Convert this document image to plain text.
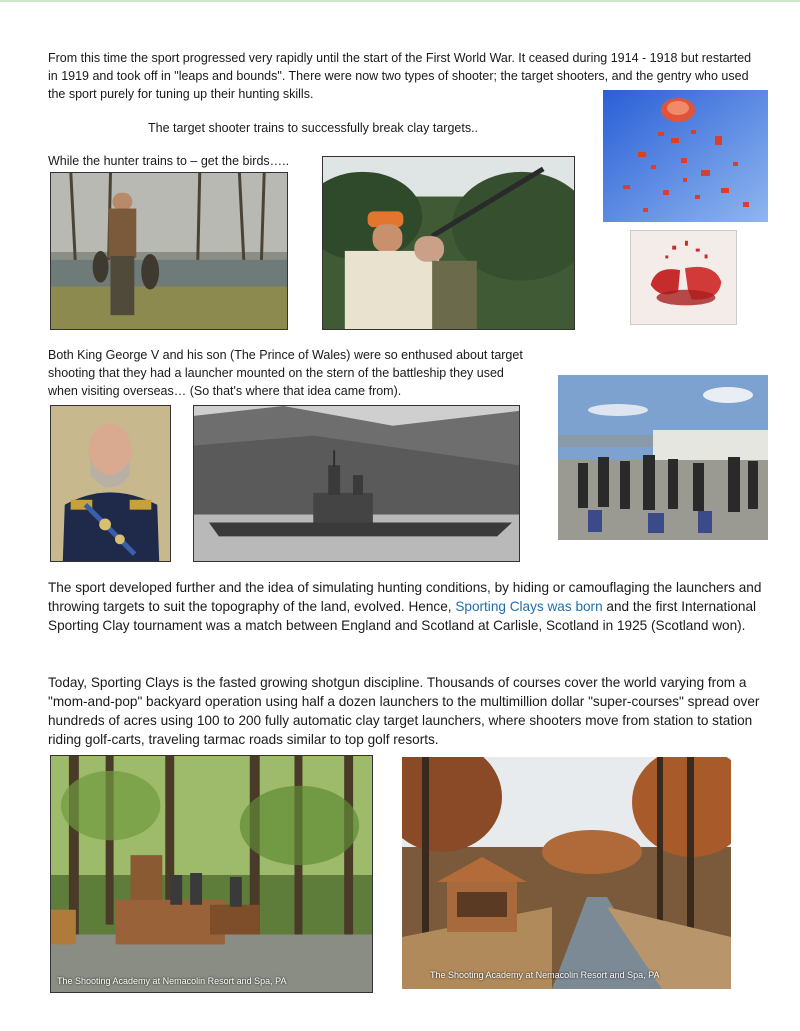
From this time the sport progressed very rapidly until the start of the First World War. It ceased during 1914 - 1918 but restarted in 1919 and took off in "leaps and bounds". There were now two types of shooter; the target shooters, and the gentry who used the sport purely for tuning up their hunting skills.

The target shooter trains to successfully break clay targets..

While the hunter trains to – get the birds…..

Both King George V and his son (The Prince of Wales) were so enthused about target shooting that they had a launcher mounted on the stern of the battleship they used when visiting overseas… (So that's where that idea came from).

The sport developed further and the idea of simulating hunting conditions, by hiding or camouflaging the launchers and throwing targets to suit the topography of the land, evolved. Hence, Sporting Clays was born and the first International Sporting Clay tournament was a match between England and Scotland at Carlisle, Scotland in 1925 (Scotland won).

Today, Sporting Clays is the fasted growing shotgun discipline. Thousands of courses cover the world varying from a "mom-and-pop" backyard operation using half a dozen launchers to the multimillion dollar "super-courses" spread over hundreds of acres using 100 to 200 fully automatic clay target launchers, where shooters move from station to station riding golf-carts, traveling tarmac roads similar to top golf resorts.

The Shooting Academy at Nemacolin Resort and Spa, PA
The Shooting Academy at Nemacolin Resort and Spa, PA
